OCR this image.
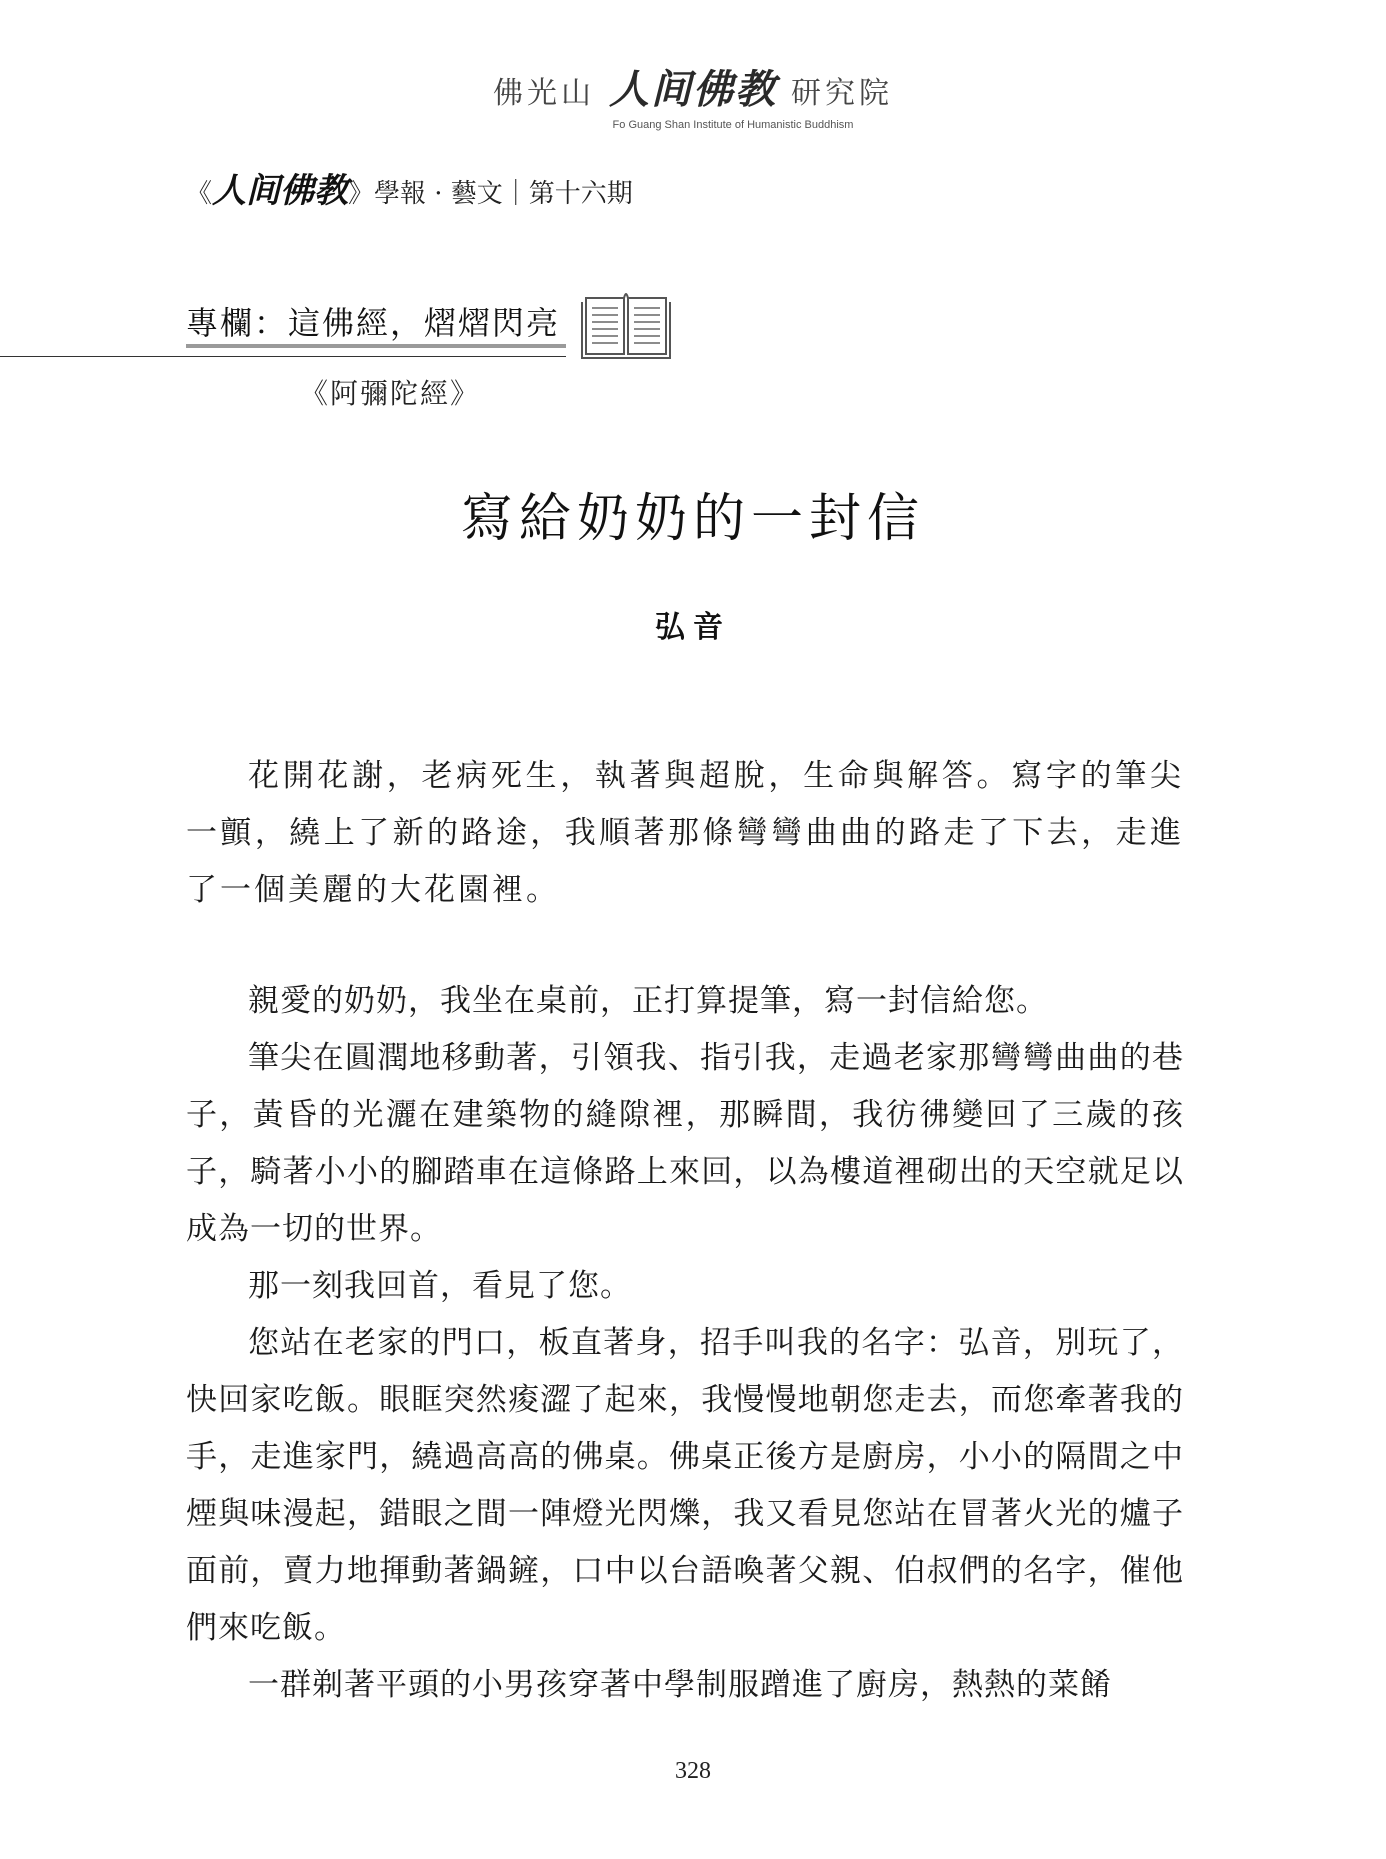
佛光山 人间佛教 研究院
Fo Guang Shan Institute of Humanistic Buddhism
《 人间佛教 》學報 · 藝文｜第十六期
專欄：這佛經，熠熠閃亮
《阿彌陀經》
寫給奶奶的一封信
弘音

花開花謝，老病死生，執著與超脫，生命與解答。寫字的筆尖一顫，繞上了新的路途，我順著那條彎彎曲曲的路走了下去，走進了一個美麗的大花園裡。

親愛的奶奶，我坐在桌前，正打算提筆，寫一封信給您。

筆尖在圓潤地移動著，引領我、指引我，走過老家那彎彎曲曲的巷子，黃昏的光灑在建築物的縫隙裡，那瞬間，我彷彿變回了三歲的孩子，騎著小小的腳踏車在這條路上來回，以為樓道裡砌出的天空就足以成為一切的世界。

那一刻我回首，看見了您。

您站在老家的門口，板直著身，招手叫我的名字：弘音，別玩了，快回家吃飯。眼眶突然痠澀了起來，我慢慢地朝您走去，而您牽著我的手，走進家門，繞過高高的佛桌。佛桌正後方是廚房，小小的隔間之中煙與味漫起，錯眼之間一陣燈光閃爍，我又看見您站在冒著火光的爐子面前，賣力地揮動著鍋鏟，口中以台語喚著父親、伯叔們的名字，催他們來吃飯。

一群剃著平頭的小男孩穿著中學制服蹭進了廚房，熱熱的菜餚

328
